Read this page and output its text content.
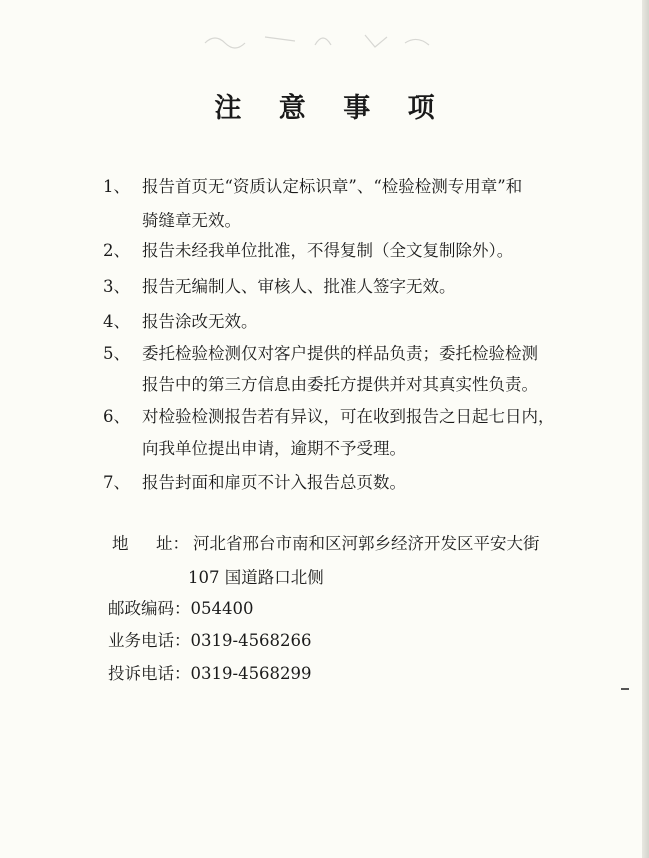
注 意 事 项
1、 报告首页无“资质认定标识章”、“检验检测专用章”和
骑缝章无效。
2、 报告未经我单位批准，不得复制（全文复制除外）。
3、 报告无编制人、审核人、批准人签字无效。
4、 报告涂改无效。
5、 委托检验检测仅对客户提供的样品负责；委托检验检测
报告中的第三方信息由委托方提供并对其真实性负责。
6、 对检验检测报告若有异议，可在收到报告之日起七日内，
向我单位提出申请，逾期不予受理。
7、 报告封面和扉页不计入报告总页数。
地 址： 河北省邢台市南和区河郭乡经济开发区平安大街
107 国道路口北侧
邮政编码：054400
业务电话：0319-4568266
投诉电话：0319-4568299
